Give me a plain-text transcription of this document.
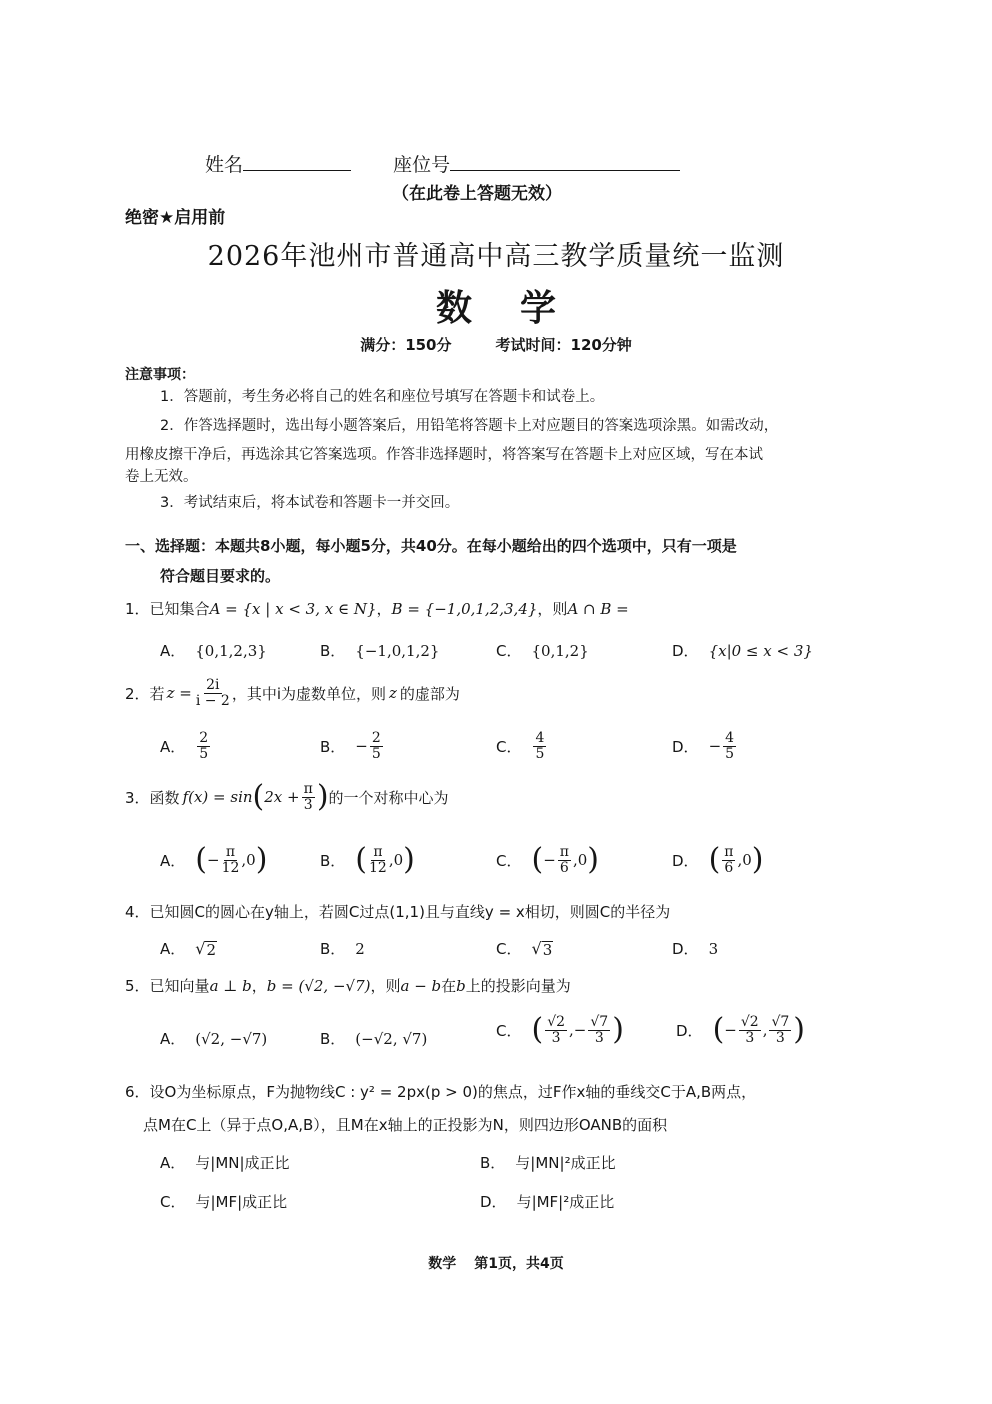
姓名	座位号
（在此卷上答题无效）
绝密★启用前
2026年池州市普通高中高三教学质量统一监测
数学
满分：150分	考试时间：120分钟
注意事项：
1．答题前，考生务必将自己的姓名和座位号填写在答题卡和试卷上。
2．作答选择题时，选出每小题答案后，用铅笔将答题卡上对应题目的答案选项涂黑。如需改动，
用橡皮擦干净后，再选涂其它答案选项。作答非选择题时，将答案写在答题卡上对应区域，写在本试
卷上无效。
3．考试结束后，将本试卷和答题卡一并交回。
一、选择题：本题共8小题，每小题5分，共40分。在每小题给出的四个选项中，只有一项是
符合题目要求的。
1．已知集合A = {x | x < 3, x ∈ N}，B = {−1,0,1,2,3,4}，则A ∩ B =
A． {0,1,2,3}	B． {−1,0,1,2}	C． {0,1,2}	D． {x|0 ≤ x < 3}
2． 若 $z = \frac{2i}{i - 2}$ ，其中i为虚数单位，则 z 的虚部为
A． $\frac{2}{5}$	B． − $\frac{2}{5}$	C． $\frac{4}{5}$	D． − $\frac{4}{5}$
3． 函数 f(x) = sin ( $2x + \frac{\pi}{3}$ ) 的一个对称中心为
A． ( − $\frac{\pi}{12} ,0$ )	B． ( $\frac{\pi}{12} ,0$ )	C． ( − $\frac{\pi}{6} ,0$ )	D． ( $\frac{\pi}{6} ,0$ )
4．已知圆C的圆心在y轴上，若圆C过点(1,1)且与直线y = x相切，则圆C的半径为
A． √ 2	B． 2	C． √ 3	D． 3
5．已知向量a ⊥ b，b = (√2, −√7)，则a − b在b上的投影向量为
A． (√2, −√7)	B． (−√2, √7)	C． ( $\frac{√2}{3}$ ,− $\frac{√7}{3}$ )	D． ( − $\frac{√2}{3}$ , $\frac{√7}{3}$ )
6．设O为坐标原点，F为抛物线C : y² = 2px(p > 0)的焦点，过F作x轴的垂线交C于A,B两点，
点M在C上（异于点O,A,B），且M在x轴上的正投影为N，则四边形OANB的面积
A． 与|MN|成正比	B． 与|MN|²成正比
C． 与|MF|成正比	D． 与|MF|²成正比
数学 第1页，共4页
